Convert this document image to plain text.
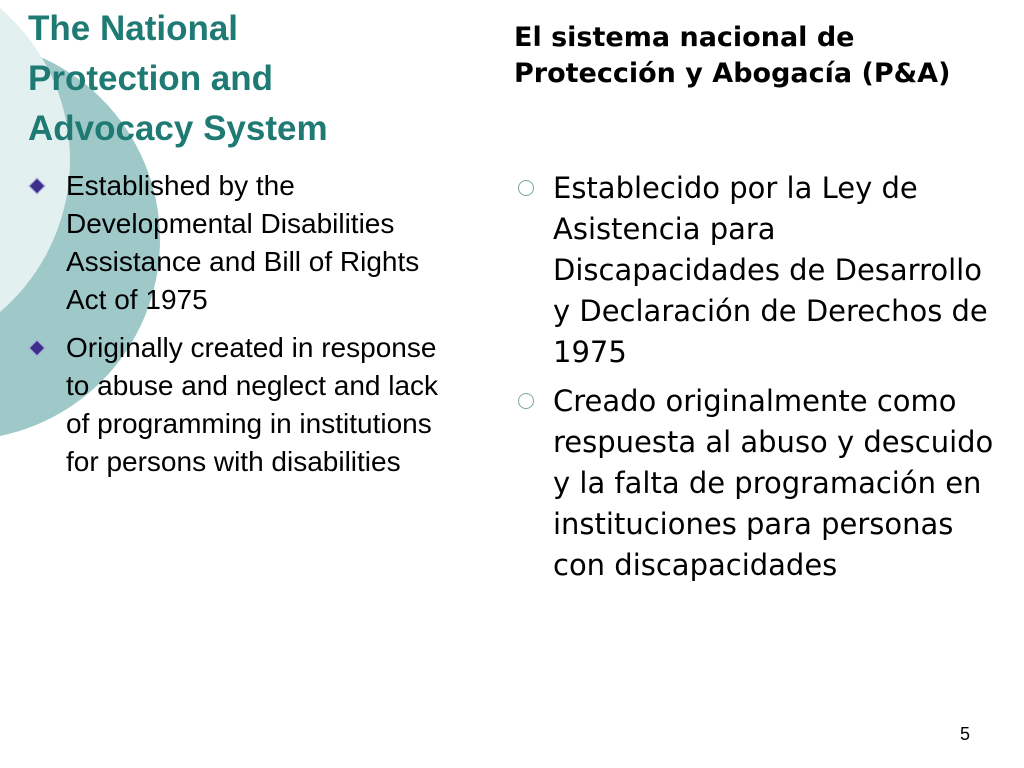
The National Protection and Advocacy System
El sistema nacional de Protección y Abogacía (P&A)
Established by the Developmental Disabilities Assistance and Bill of Rights Act of 1975
Originally created in response to abuse and neglect and lack of programming in institutions for persons with disabilities
Establecido por la Ley de Asistencia para Discapacidades de Desarrollo y Declaración de Derechos de 1975
Creado originalmente como respuesta al abuso y descuido y la falta de programación en instituciones para personas con discapacidades
5
